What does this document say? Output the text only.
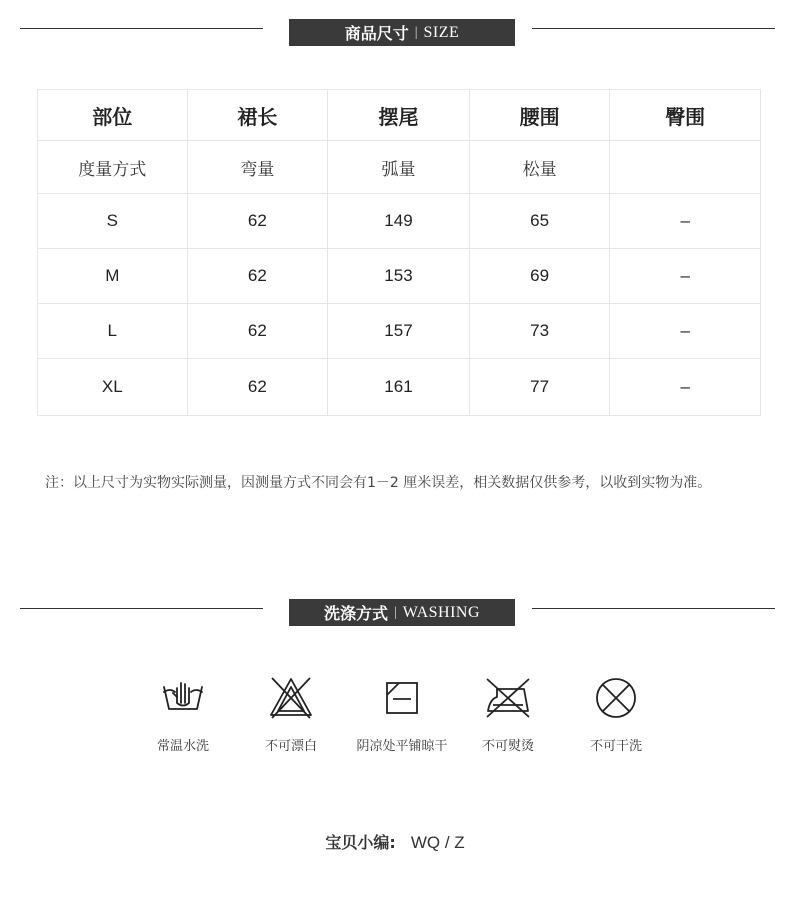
商品尺寸 | SIZE
部位	裙长	摆尾	腰围	臀围
度量方式	弯量	弧量	松量	
S	62	149	65	–
M	62	153	69	–
L	62	157	73	–
XL	62	161	77	–
注：以上尺寸为实物实际测量，因测量方式不同会有1－2 厘米误差，相关数据仅供参考，以收到实物为准。
洗涤方式 | WASHING
常温水洗	不可漂白	阴凉处平铺晾干	不可熨烫	不可干洗
宝贝小编: WQ / Z
